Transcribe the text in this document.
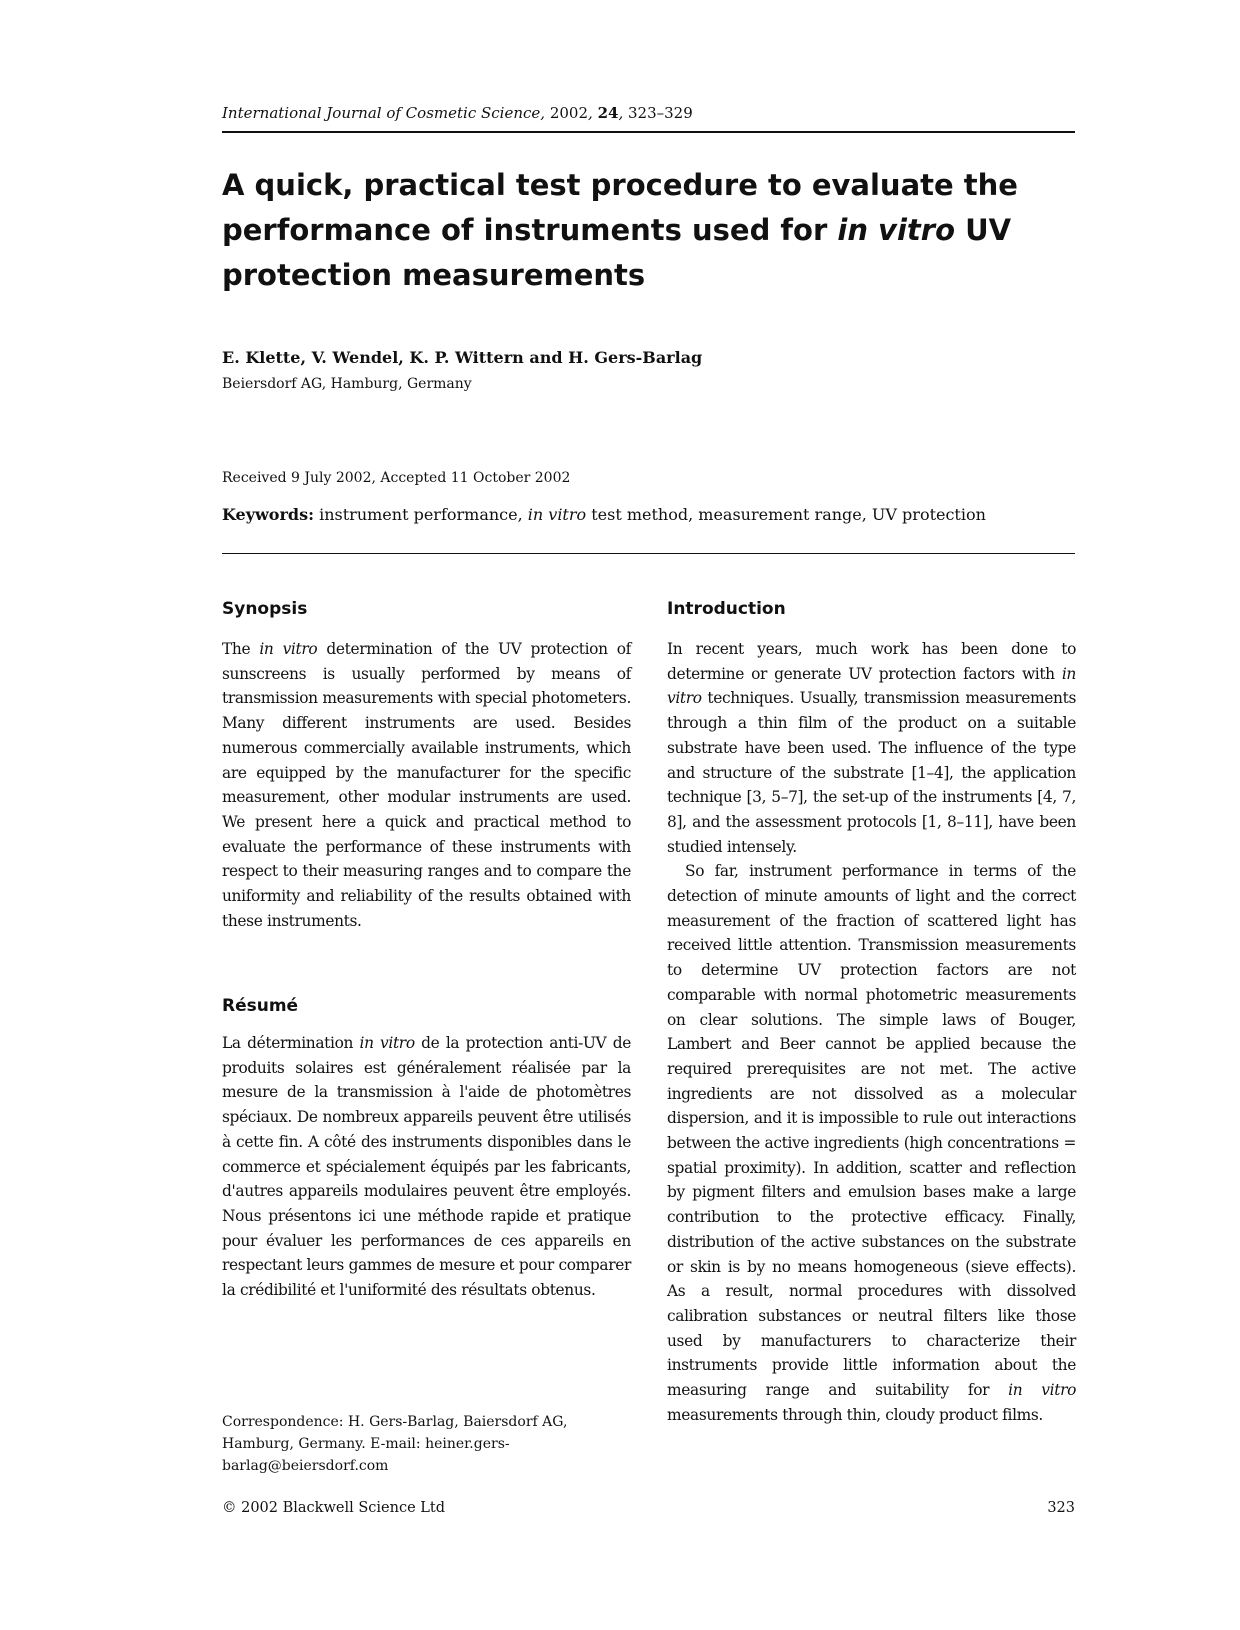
International Journal of Cosmetic Science, 2002, 24, 323–329
A quick, practical test procedure to evaluate the performance of instruments used for in vitro UV protection measurements
E. Klette, V. Wendel, K. P. Wittern and H. Gers-Barlag
Beiersdorf AG, Hamburg, Germany
Received 9 July 2002, Accepted 11 October 2002
Keywords: instrument performance, in vitro test method, measurement range, UV protection
Synopsis

The in vitro determination of the UV protection of sunscreens is usually performed by means of transmission measurements with special photometers. Many different instruments are used. Besides numerous commercially available instruments, which are equipped by the manufacturer for the specific measurement, other modular instruments are used. We present here a quick and practical method to evaluate the performance of these instruments with respect to their measuring ranges and to compare the uniformity and reliability of the results obtained with these instruments.

Résumé

La détermination in vitro de la protection anti-UV de produits solaires est généralement réalisée par la mesure de la transmission à l'aide de photomètres spéciaux. De nombreux appareils peuvent être utilisés à cette fin. A côté des instruments disponibles dans le commerce et spécialement équipés par les fabricants, d'autres appareils modulaires peuvent être employés. Nous présentons ici une méthode rapide et pratique pour évaluer les performances de ces appareils en respectant leurs gammes de mesure et pour comparer la crédibilité et l'uniformité des résultats obtenus.

Correspondence: H. Gers-Barlag, Baiersdorf AG, Hamburg, Germany. E-mail: heiner.gers-barlag@beiersdorf.com
Introduction

In recent years, much work has been done to determine or generate UV protection factors with in vitro techniques. Usually, transmission measurements through a thin film of the product on a suitable substrate have been used. The influence of the type and structure of the substrate [1–4], the application technique [3, 5–7], the set-up of the instruments [4, 7, 8], and the assessment protocols [1, 8–11], have been studied intensely.

So far, instrument performance in terms of the detection of minute amounts of light and the correct measurement of the fraction of scattered light has received little attention. Transmission measurements to determine UV protection factors are not comparable with normal photometric measurements on clear solutions. The simple laws of Bouger, Lambert and Beer cannot be applied because the required prerequisites are not met. The active ingredients are not dissolved as a molecular dispersion, and it is impossible to rule out interactions between the active ingredients (high concentrations = spatial proximity). In addition, scatter and reflection by pigment filters and emulsion bases make a large contribution to the protective efficacy. Finally, distribution of the active substances on the substrate or skin is by no means homogeneous (sieve effects). As a result, normal procedures with dissolved calibration substances or neutral filters like those used by manufacturers to characterize their instruments provide little information about the measuring range and suitability for in vitro measurements through thin, cloudy product films.

© 2002 Blackwell Science Ltd	323
